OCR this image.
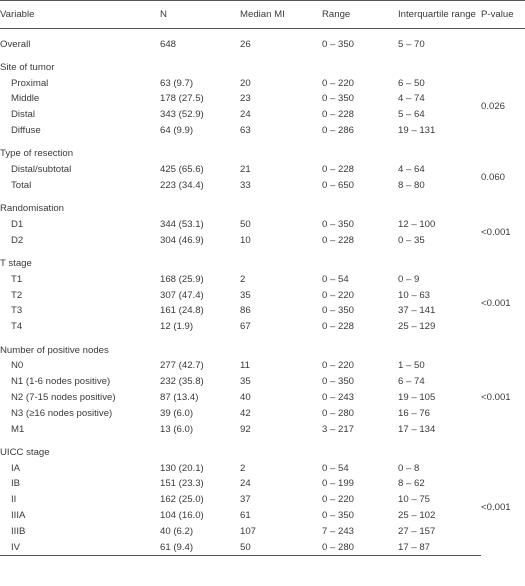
Variable	N	Median MI	Range	Interquartile range	P-value

Overall	648	26	0 – 350	5 – 70	

Site of tumor					
Proximal	63 (9.7)	20	0 – 220	6 – 50	0.026
Middle	178 (27.5)	23	0 – 350	4 – 74	
Distal	343 (52.9)	24	0 – 228	5 – 64	
Diffuse	64 (9.9)	63	0 – 286	19 – 131	

Type of resection					
Distal/subtotal	425 (65.6)	21	0 – 228	4 – 64	0.060
Total	223 (34.4)	33	0 – 650	8 – 80	

Randomisation					
D1	344 (53.1)	50	0 – 350	12 – 100	<0.001
D2	304 (46.9)	10	0 – 228	0 – 35	

T stage					
T1	168 (25.9)	2	0 – 54	0 – 9	<0.001
T2	307 (47.4)	35	0 – 220	10 – 63	
T3	161 (24.8)	86	0 – 350	37 – 141	
T4	12 (1.9)	67	0 – 228	25 – 129	

Number of positive nodes					
N0	277 (42.7)	11	0 – 220	1 – 50	<0.001
N1 (1-6 nodes positive)	232 (35.8)	35	0 – 350	6 – 74	
N2 (7-15 nodes positive)	87 (13.4)	40	0 – 243	19 – 105	
N3 (≥16 nodes positive)	39 (6.0)	42	0 – 280	16 – 76	
M1	13 (6.0)	92	3 – 217	17 – 134	

UICC stage					
IA	130 (20.1)	2	0 – 54	0 – 8	<0.001
IB	151 (23.3)	24	0 – 199	8 – 62	
II	162 (25.0)	37	0 – 220	10 – 75	
IIIA	104 (16.0)	61	0 – 350	25 – 102	
IIIB	40 (6.2)	107	7 – 243	27 – 157	
IV	61 (9.4)	50	0 – 280	17 – 87	
